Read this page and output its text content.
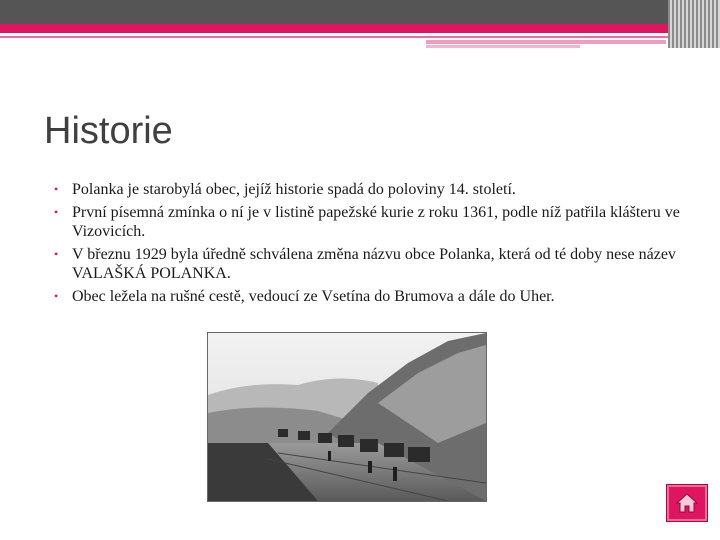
Historie
• Polanka je starobylá obec, jejíž historie spadá do poloviny 14. století.
• První písemná zmínka o ní je v listině papežské kurie z roku 1361, podle níž patřila klášteru ve Vizovicích.
• V březnu 1929 byla úředně schválena změna názvu obce Polanka, která od té doby nese název VALAŠKÁ POLANKA.
• Obec ležela na rušné cestě, vedoucí ze Vsetína do Brumova a dále do Uher.
